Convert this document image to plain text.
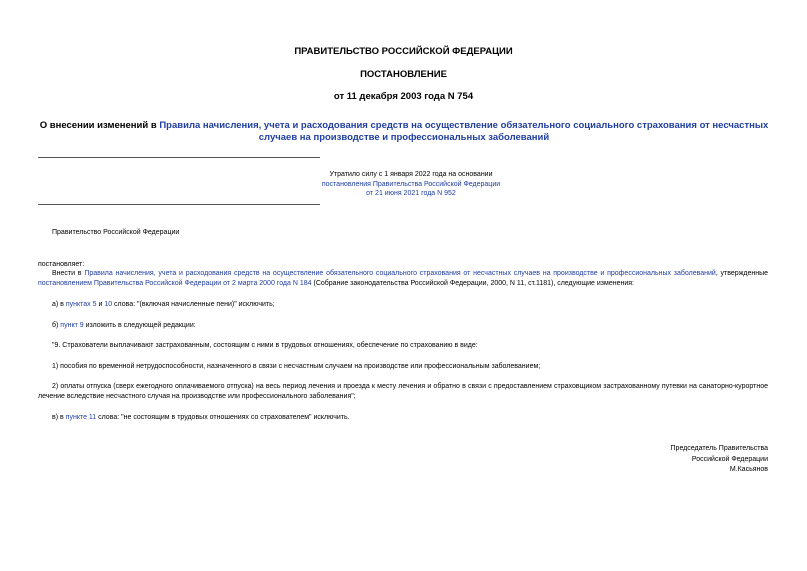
ПРАВИТЕЛЬСТВО РОССИЙСКОЙ ФЕДЕРАЦИИ
ПОСТАНОВЛЕНИЕ
от 11 декабря 2003 года N 754
О внесении изменений в Правила начисления, учета и расходования средств на осуществление обязательного социального страхования от несчастных случаев на производстве и профессиональных заболеваний
Утратило силу с 1 января 2022 года на основании
постановления Правительства Российской Федерации
от 21 июня 2021 года N 952
Правительство Российской Федерации
постановляет:
Внести в Правила начисления, учета и расходования средств на осуществление обязательного социального страхования от несчастных случаев на производстве и профессиональных заболеваний, утвержденные постановлением Правительства Российской Федерации от 2 марта 2000 года N 184 (Собрание законодательства Российской Федерации, 2000, N 11, ст.1181), следующие изменения:
а) в пунктах 5 и 10 слова: "(включая начисленные пени)" исключить;
б) пункт 9 изложить в следующей редакции:
"9. Страхователи выплачивают застрахованным, состоящим с ними в трудовых отношениях, обеспечение по страхованию в виде:
1) пособия по временной нетрудоспособности, назначенного в связи с несчастным случаем на производстве или профессиональным заболеванием;
2) оплаты отпуска (сверх ежегодного оплачиваемого отпуска) на весь период лечения и проезда к месту лечения и обратно в связи с предоставлением страховщиком застрахованному путевки на санаторно-курортное лечение вследствие несчастного случая на производстве или профессионального заболевания";
в) в пункте 11 слова: "не состоящим в трудовых отношениях со страхователем" исключить.
Председатель Правительства
Российской Федерации
М.Касьянов
